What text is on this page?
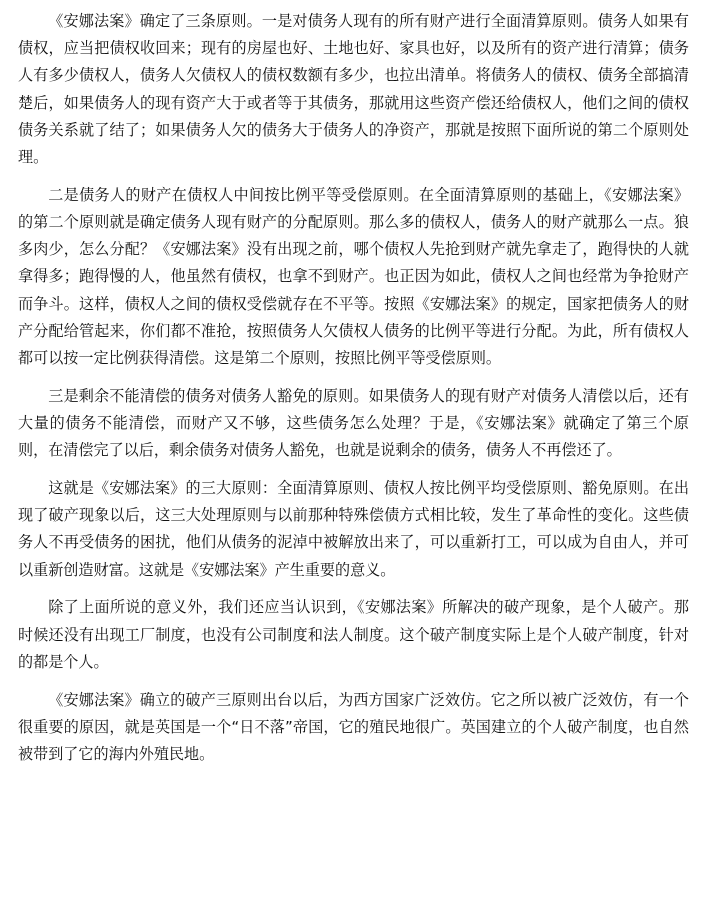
《安娜法案》确定了三条原则。一是对债务人现有的所有财产进行全面清算原则。债务人如果有债权，应当把债权收回来；现有的房屋也好、土地也好、家具也好，以及所有的资产进行清算；债务人有多少债权人，债务人欠债权人的债权数额有多少，也拉出清单。将债务人的债权、债务全部搞清楚后，如果债务人的现有资产大于或者等于其债务，那就用这些资产偿还给债权人，他们之间的债权债务关系就了结了；如果债务人欠的债务大于债务人的净资产，那就是按照下面所说的第二个原则处理。

二是债务人的财产在债权人中间按比例平等受偿原则。在全面清算原则的基础上，《安娜法案》的第二个原则就是确定债务人现有财产的分配原则。那么多的债权人，债务人的财产就那么一点。狼多肉少，怎么分配？《安娜法案》没有出现之前，哪个债权人先抢到财产就先拿走了，跑得快的人就拿得多；跑得慢的人，他虽然有债权，也拿不到财产。也正因为如此，债权人之间也经常为争抢财产而争斗。这样，债权人之间的债权受偿就存在不平等。按照《安娜法案》的规定，国家把债务人的财产分配给管起来，你们都不准抢，按照债务人欠债权人债务的比例平等进行分配。为此，所有债权人都可以按一定比例获得清偿。这是第二个原则，按照比例平等受偿原则。

三是剩余不能清偿的债务对债务人豁免的原则。如果债务人的现有财产对债务人清偿以后，还有大量的债务不能清偿，而财产又不够，这些债务怎么处理？于是，《安娜法案》就确定了第三个原则，在清偿完了以后，剩余债务对债务人豁免，也就是说剩余的债务，债务人不再偿还了。

这就是《安娜法案》的三大原则：全面清算原则、债权人按比例平均受偿原则、豁免原则。在出现了破产现象以后，这三大处理原则与以前那种特殊偿债方式相比较，发生了革命性的变化。这些债务人不再受债务的困扰，他们从债务的泥淖中被解放出来了，可以重新打工，可以成为自由人，并可以重新创造财富。这就是《安娜法案》产生重要的意义。

除了上面所说的意义外，我们还应当认识到，《安娜法案》所解决的破产现象，是个人破产。那时候还没有出现工厂制度，也没有公司制度和法人制度。这个破产制度实际上是个人破产制度，针对的都是个人。

《安娜法案》确立的破产三原则出台以后，为西方国家广泛效仿。它之所以被广泛效仿，有一个很重要的原因，就是英国是一个“日不落”帝国，它的殖民地很广。英国建立的个人破产制度，也自然被带到了它的海内外殖民地。
